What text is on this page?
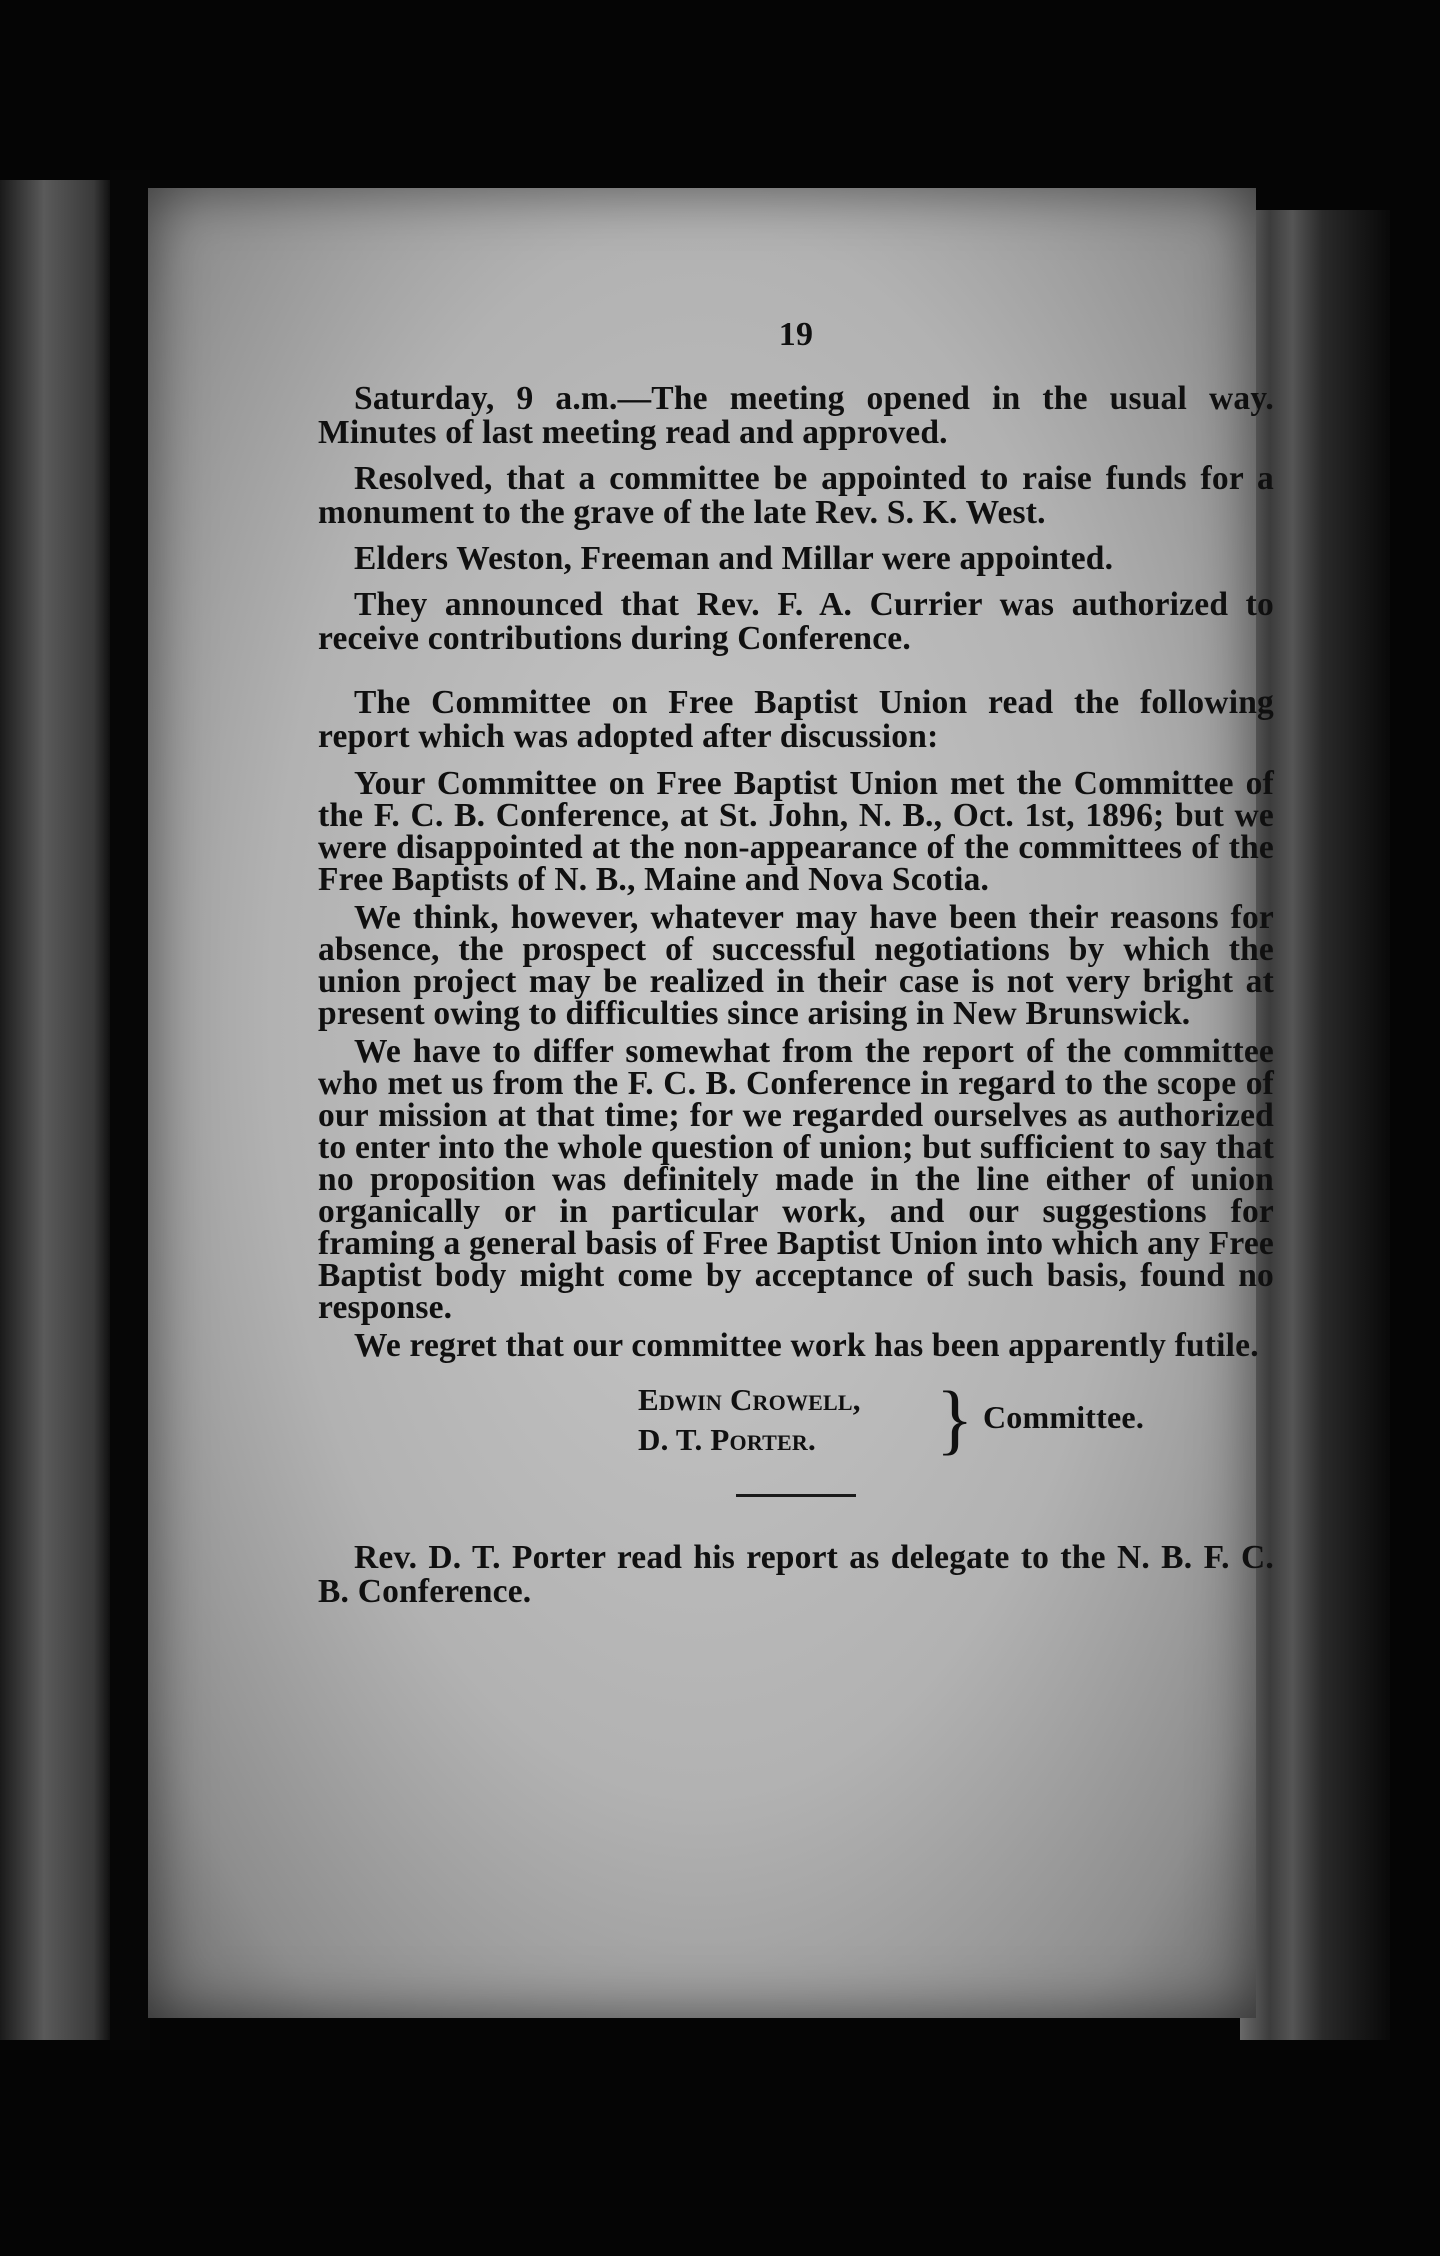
19

Saturday, 9 a.m.—The meeting opened in the usual way. Minutes of last meeting read and approved.

Resolved, that a committee be appointed to raise funds for a monument to the grave of the late Rev. S. K. West.

Elders Weston, Freeman and Millar were appointed.

They announced that Rev. F. A. Currier was authorized to receive contributions during Conference.

The Committee on Free Baptist Union read the following report which was adopted after discussion:

Your Committee on Free Baptist Union met the Committee of the F. C. B. Conference, at St. John, N. B., Oct. 1st, 1896; but we were disappointed at the non-appearance of the committees of the Free Baptists of N. B., Maine and Nova Scotia.

We think, however, whatever may have been their reasons for absence, the prospect of successful negotiations by which the union project may be realized in their case is not very bright at present owing to difficulties since arising in New Brunswick.

We have to differ somewhat from the report of the committee who met us from the F. C. B. Conference in regard to the scope of our mission at that time; for we regarded ourselves as authorized to enter into the whole question of union; but sufficient to say that no proposition was definitely made in the line either of union organically or in particular work, and our suggestions for framing a general basis of Free Baptist Union into which any Free Baptist body might come by acceptance of such basis, found no response.

We regret that our committee work has been apparently futile.

Edwin Crowell,
D. T. Porter.	} Committee.

Rev. D. T. Porter read his report as delegate to the N. B. F. C. B. Conference.
